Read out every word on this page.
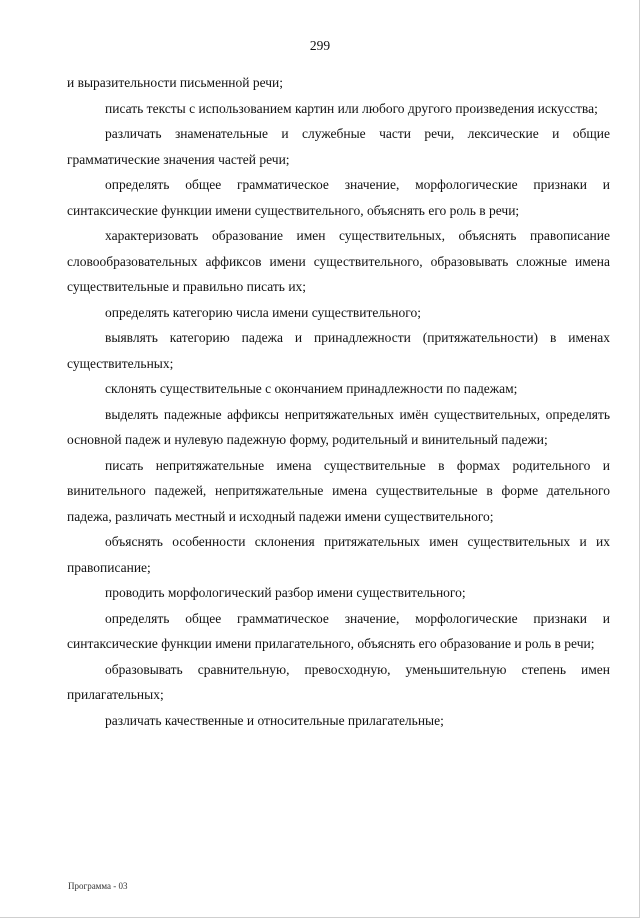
299

и выразительности письменной речи;

писать тексты с использованием картин или любого другого произведения искусства;

различать знаменательные и служебные части речи, лексические и общие грамматические значения частей речи;

определять общее грамматическое значение, морфологические признаки и синтаксические функции имени существительного, объяснять его роль в речи;

характеризовать образование имен существительных, объяснять правописание словообразовательных аффиксов имени существительного, образовывать сложные имена существительные и правильно писать их;

определять категорию числа имени существительного;

выявлять категорию падежа и принадлежности (притяжательности) в именах существительных;

склонять существительные с окончанием принадлежности по падежам;

выделять падежные аффиксы непритяжательных имён существительных, определять основной падеж и нулевую падежную форму, родительный и винительный падежи;

писать непритяжательные имена существительные в формах родительного и винительного падежей, непритяжательные имена существительные в форме дательного падежа, различать местный и исходный падежи имени существительного;

объяснять особенности склонения притяжательных имен существительных и их правописание;

проводить морфологический разбор имени существительного;

определять общее грамматическое значение, морфологические признаки и синтаксические функции имени прилагательного, объяснять его образование и роль в речи;

образовывать сравнительную, превосходную, уменьшительную степень имен прилагательных;

различать качественные и относительные прилагательные;

Программа - 03
